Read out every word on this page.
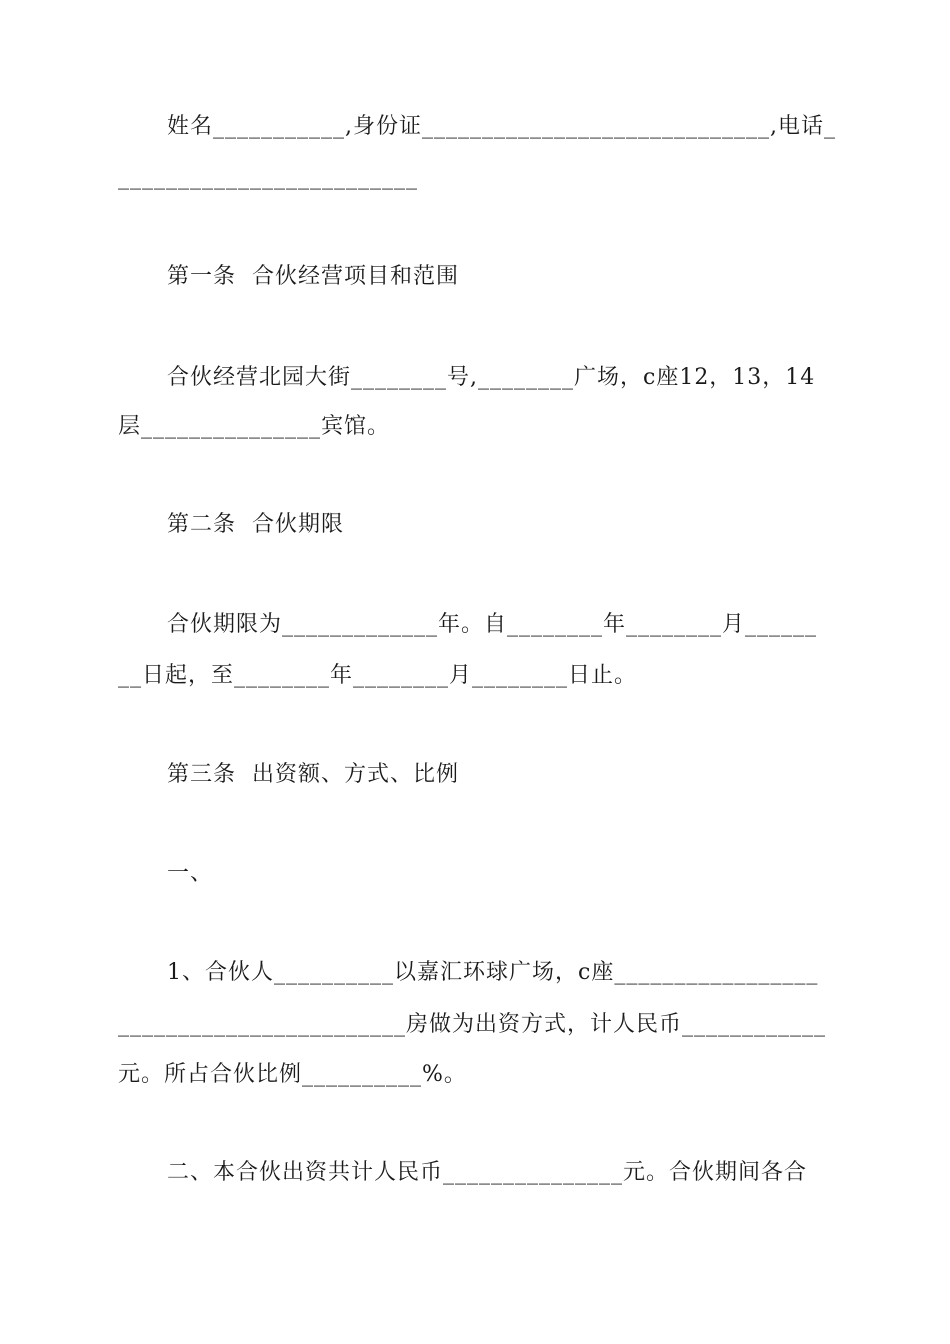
姓名___________,身份证_____________________________,电话_
_________________________
第一条  合伙经营项目和范围
合伙经营北园大街________号,________广场，c座12，13，14
层_______________宾馆。
第二条  合伙期限
合伙期限为_____________年。自________年________月______
__日起，至________年________月________日止。
第三条  出资额、方式、比例
一、
1、合伙人__________以嘉汇环球广场，c座_________________
________________________房做为出资方式，计人民币____________
元。所占合伙比例__________%。
二、本合伙出资共计人民币_______________元。合伙期间各合
